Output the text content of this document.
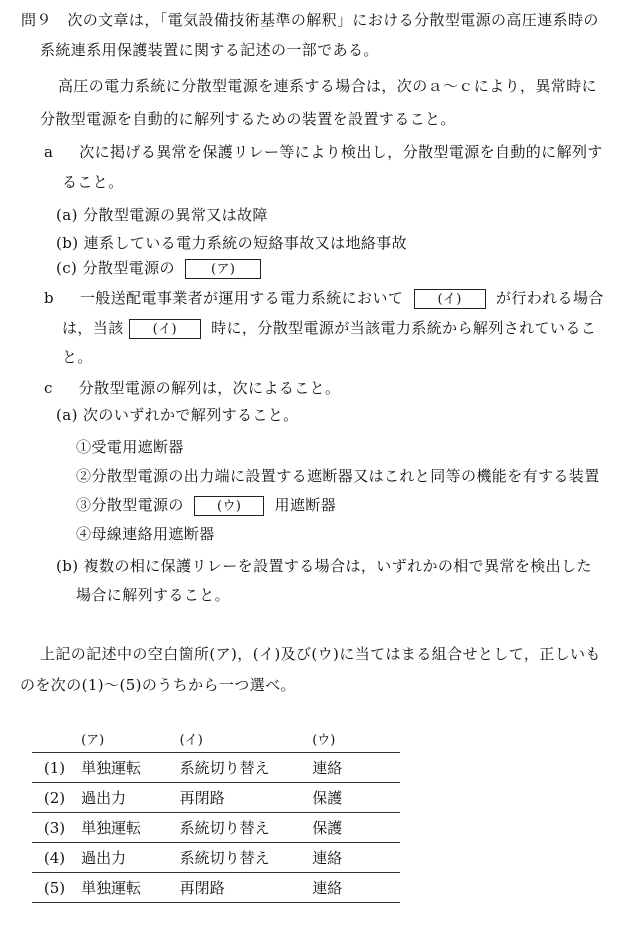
問９ 次の文章は，「電気設備技術基準の解釈」における分散型電源の高圧連系時の
系統連系用保護装置に関する記述の一部である。
高圧の電力系統に分散型電源を連系する場合は，次のａ～ｃにより，異常時に
分散型電源を自動的に解列するための装置を設置すること。
a 次に掲げる異常を保護リレー等により検出し，分散型電源を自動的に解列す
ること。
(a) 分散型電源の異常又は故障
(b) 連系している電力系統の短絡事故又は地絡事故
(c) 分散型電源の	(ア)
b 一般送配電事業者が運用する電力系統において	(イ) が行われる場合
は，当該 (イ) 時に，分散型電源が当該電力系統から解列されているこ
と。
c 分散型電源の解列は，次によること。
(a) 次のいずれかで解列すること。
①受電用遮断器
②分散型電源の出力端に設置する遮断器又はこれと同等の機能を有する装置
③分散型電源の	(ウ) 用遮断器
④母線連絡用遮断器
(b) 複数の相に保護リレーを設置する場合は，いずれかの相で異常を検出した
場合に解列すること。
上記の記述中の空白箇所(ア)，(イ)及び(ウ)に当てはまる組合せとして，正しいも
のを次の(1)～(5)のうちから一つ選べ。
	(ア)	(イ)	(ウ)
(1)	単独運転	系統切り替え	連絡
(2)	過出力	再閉路	保護
(3)	単独運転	系統切り替え	保護
(4)	過出力	系統切り替え	連絡
(5)	単独運転	再閉路	連絡
